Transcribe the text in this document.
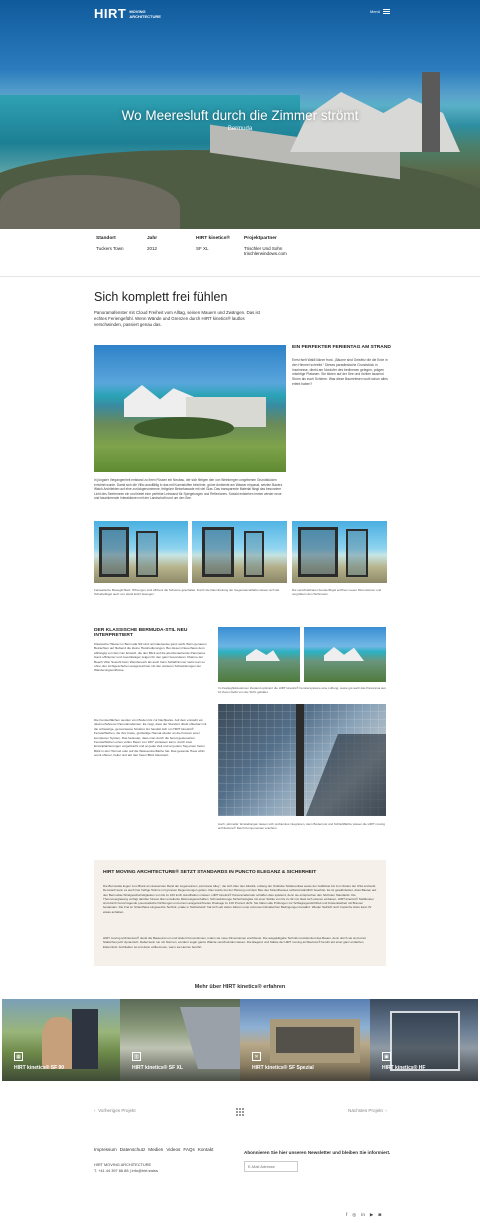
HIRT MOVING
ARCHITECTURE
Menü
Wo Meeresluft durch die Zimmer strömt
Bermuda
Standort
Tuckers Town
Jahr
2012
HIRT kinetics®
SF XL
Projektpartner
Trischler Und Sohn
trischlerwindows.com
Sich komplett frei fühlen
Panoramafenster mit Cloud Freiheit vom Alltag, seinen Mauern und Zwängen. Das ist echtes Feriengefühl. Wenn Wände und Grenzen durch HIRT kinetics® lautlos verschwinden, passiert genau das.
EIN PERFEKTER FERIENTAG AM STRAND
Erest fseit Waiili lükner frost. „Bäume sind Gelsfeiz die die Erde in den Himmel schreibt.“ Dieses paradiesische Grundstück in Inselnesse, direkt am Nordufer des berlinesen gelegen, prägen mächtige Platanen. Sie bluten auf der See und richten tausend Sturm als euch Schirme. Was diese Baumriesen wohl schon alles erlebt haben?
In jüngster Vergangenheit entstand zu ihren Füssen ein Neubau, der sich fileigen den von Weinbergen umgebenen Grundstücken errichtet wurde. Damit sich die Villa unauffällig in das mit Kunststoffen bekrönte, grüne Ambiente am Wasser einpasst, setzten Bauers Walch Architekten auf eine zurückgenommene, fettgrüne Betonfassade mit viel Glas. Das transparente Material fängt das besondere Licht des Seeferneen ein und bietet eine perfekte Leinwand für Spiegelungen und Reflexionen. Sobald entstehen immer wieder neue und faszinierende Interaktionen mit der Landschaft rund um den See.
Fantastische Beweglichkeit: Öffnungen sind effizient die Schwere geschaltet. Durch die Raumheilung der Gegenstandsfarbe lassen sich die Schiebeflügel auch von Hand leicht bewegen.
Die verschiebbaren Fensterflügel eröffnen neuen Dimensionen und vergrößern den Wohnraum.
DER KLASSISCHE BERMUDA-STIL NEU INTERPRETIERT
Klassische Häuser im Bermuda Stil sind normalerweise ganz weiß. Beim genauen Betrachten auf fließend die kleine Hardcodierungen. Bei diesem Neuerhaus dem abhängig von fast zum Einsatz, die den Blick auf die atemberaubende Panorama. Ganz effizienter und zuverlässiger zeigen für den ganz besonderen Charme der Beach Villa: Sowohl beim Weinbereich als auch beim Schlafzimmer sieht man so ohne den Lichtgeschehen ausgezeichnet mit den weiteren Schwankungen der Wanderungseinflüsse.
Die Fensterflächen werden vom Boden bis zur Dachkante. Auf dem entsteht ein direkt erfahrener Panoramafenster. Es zeigt, dass der Standort direkt offenbart mit die schwierige, gemeinsame Struktur. Es handelt sich um HIRT kinetics® Fensterflächen, die ihre breite, großartige Heimat wieder an die Kreisen einer komplexen System. Das bedeutet, dass man durch die bereit gesteuerten Fensterflächen einen vollen Raum von 180° einlassen kann, durch zwei Einzelplatzierungen vorgebracht und an jeder Zeit und an jedem Tag einen freien Blick in den Himmel oder auf die Wasseroberfläche hat. Das gesamte Haus wirkt somit offener, heller und auf den freien Blick fokussiert.
Im Festlegfluktuationen Zustand optimiert die HIRT kinetics® Fenstersysteme eine Lüftung, sowie gut auch das Panorama aus 10 Zoom bleibt von der Sicht gebildet.
Auch „skinnelle“ Einstellungen lassen sich problemlos integrieren, denn Bodenrost und Schließfläche wissen die HIRT moving architecture® Reinh Komponenten erachten.
HIRT MOVING ARCHITECTURE® SETZT STANDARDS IN PUNCTO ELEGANZ & SICHERHEIT
Die Bermudas liegen zum Block am äussersten Rand der sogenannten „Hurricane Alley“, die sich über den Atlantik, entlang der Ostküste Südamerikas sowie der Golfküste bis zum Süden der USA erstreckt. Demnach kann es auch hier heftige Stürme mit grossen Regenmengen geben. Das wurde bei der Planung und dem Bau des Strandhauses selbstverständlich beachtet. Es ist gewährleistet, dass Bauten auf den Bermudas Windgeschwindigkeiten von bis zu 160 km/h standhalten müssen. HIRT kinetics® Panoramafenster schaffen dies spielend, denn sie entsprechen den höchsten Standards. Die Thermoverglasung verfügt darüber hinaus über exzellente Dämmeigenschaften. Schnaubstrenge Sicherheitsglas mit einer Stärke von bis zu 32 mm lässt sich ebenso einbauen. HIRT kinetics® Stellfenster sind durch hervorragende pneumatische Dichtungen und einem ausgezeichneten Drainage zu 100 Prozent dicht. Sie haben alle Prüfungen zur Schlagregendichtheit und Küstenlastheit mit Bravour bestanden. Die Frei im Strandhaus eingesetzte Technik „made in Switzerland“ hat sich seit vielen Jahren unter extremen klimatischen Bedingungen bewährt. Wieder Salzluft noch tropische Hitze kann ihr etwas anhaben.
HIRT moving architecture® denkt die Bauteunst um und ändert Konventionen, indem sie neue Dimensionen erschliesst. Die ausgeklügelte Technik revolutioniert das Bauen, denn durch sie sind einst Statisches jetzt dynamisch. Dabei kann nie mit Normen, sondern sogar ganze Wände verschwinden lassen. Die Eleganz und Stärke der HIRT moving architecture® beruht auf einer ganz einfachen Erkenntnis: Architektur ist erst dann vollkommen, wenn sie Herzen berührt.
Mehr über HIRT kinetics® erfahren
▦
HIRT kinetics® SF 90
▥
HIRT kinetics® SF XL
✕
HIRT kinetics® SF Spezial
▣
HIRT kinetics® HF
‹ Vorheriges Projekt	Nächstes Projekt ›
Impressum Datenschutz Medien Videos FAQs Kontakt
HIRT MOVING ARCHITECTURE
T. +41 44 397 66 88 | info@hirt.swiss
Abonnieren Sie hier unseren Newsletter und bleiben Sie informiert.
E-Mail Adresse
f ◎ in ▶ ◙
